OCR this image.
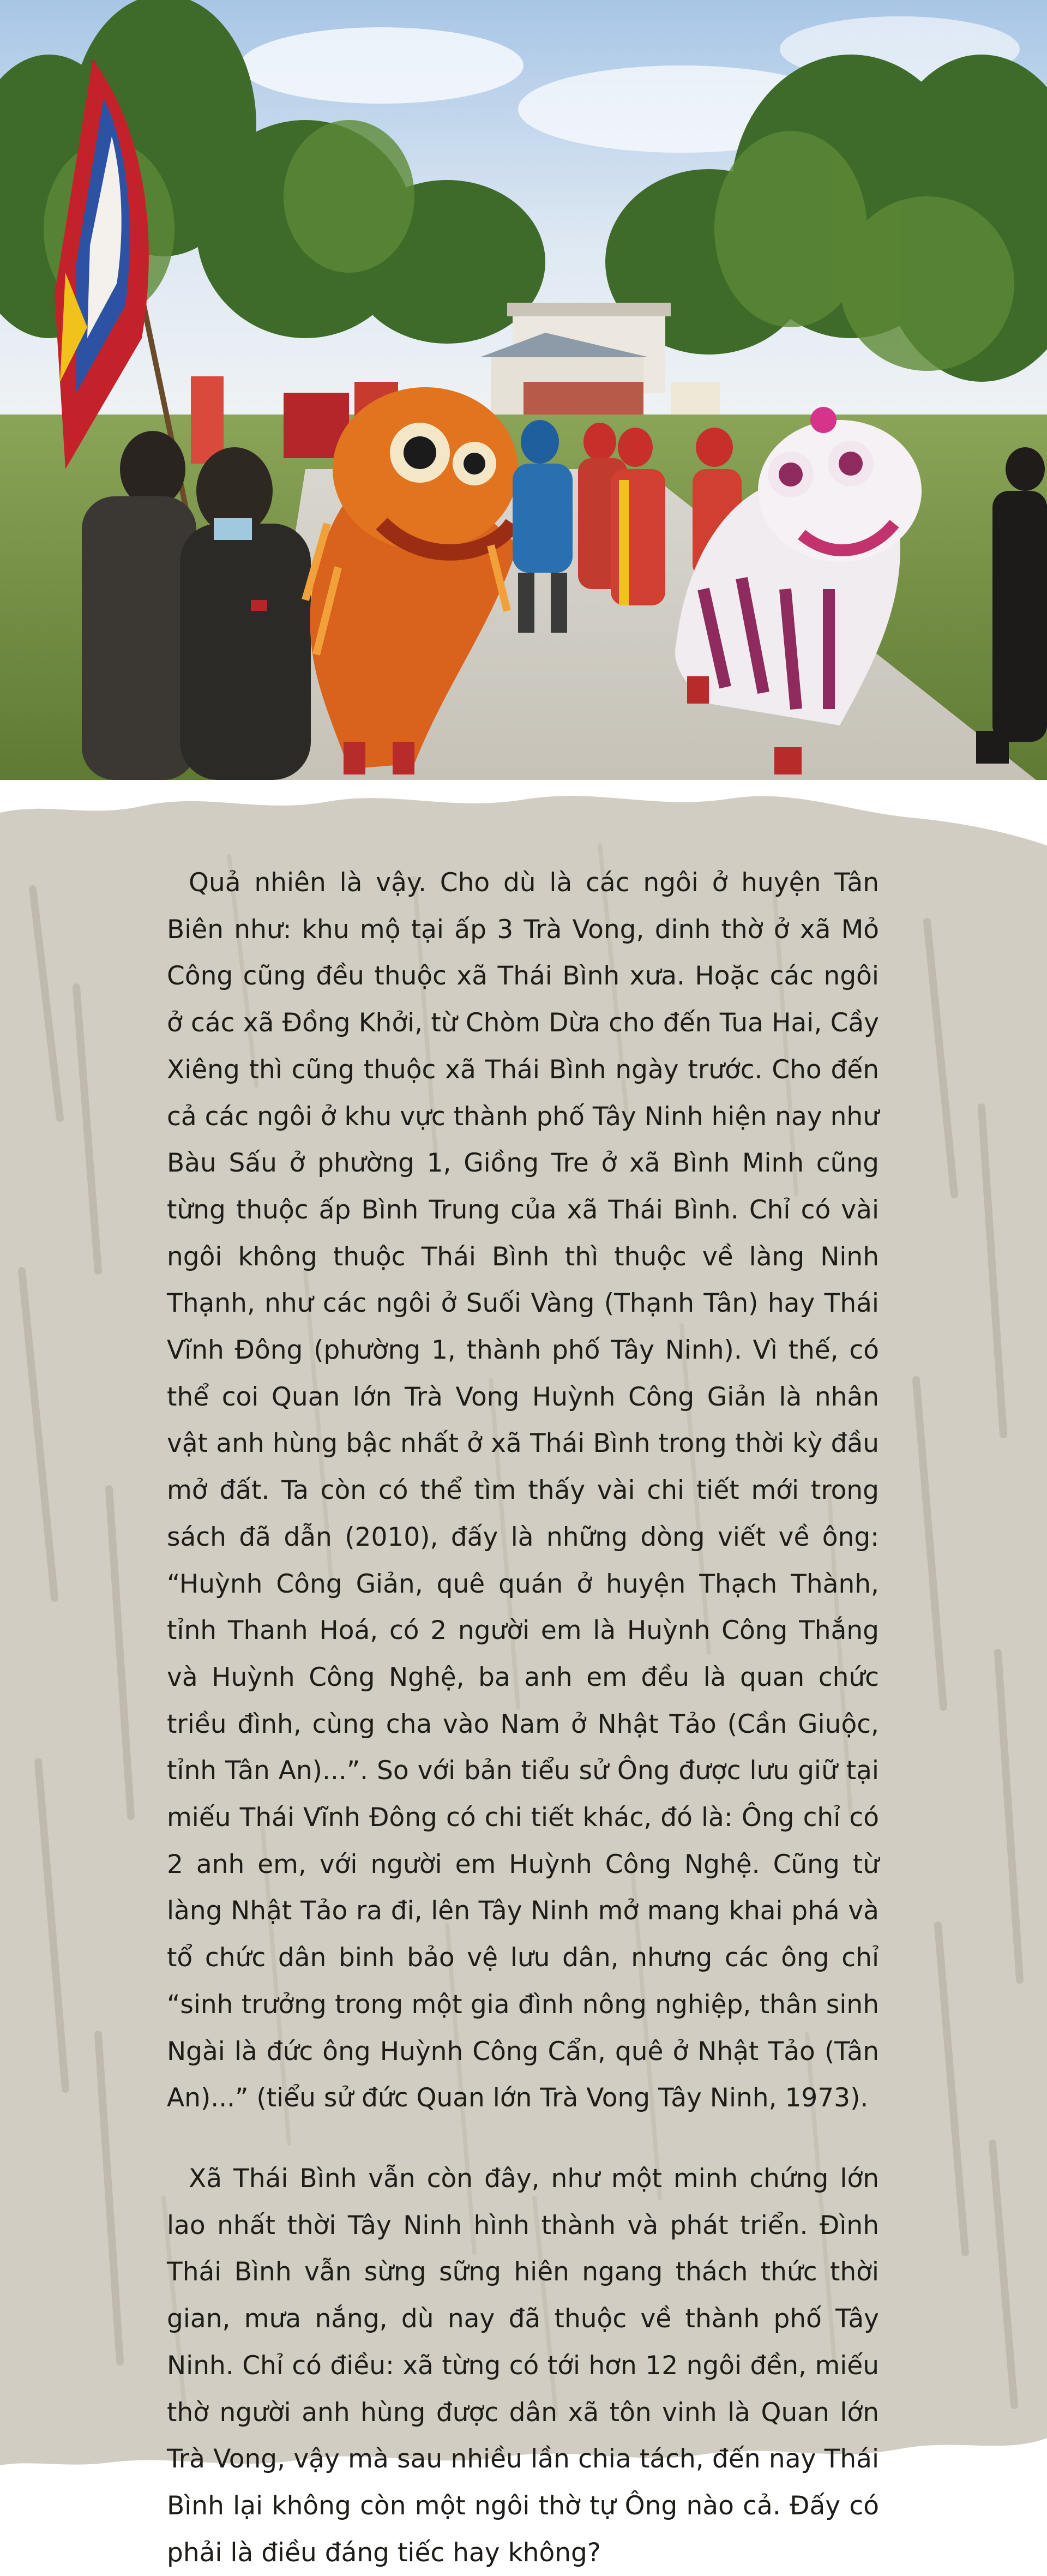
Quả nhiên là vậy. Cho dù là các ngôi ở huyện Tân Biên như: khu mộ tại ấp 3 Trà Vong, dinh thờ ở xã Mỏ Công cũng đều thuộc xã Thái Bình xưa. Hoặc các ngôi ở các xã Đồng Khởi, từ Chòm Dừa cho đến Tua Hai, Cầy Xiêng thì cũng thuộc xã Thái Bình ngày trước. Cho đến cả các ngôi ở khu vực thành phố Tây Ninh hiện nay như Bàu Sấu ở phường 1, Giồng Tre ở xã Bình Minh cũng từng thuộc ấp Bình Trung của xã Thái Bình. Chỉ có vài ngôi không thuộc Thái Bình thì thuộc về làng Ninh Thạnh, như các ngôi ở Suối Vàng (Thạnh Tân) hay Thái Vĩnh Đông (phường 1, thành phố Tây Ninh). Vì thế, có thể coi Quan lớn Trà Vong Huỳnh Công Giản là nhân vật anh hùng bậc nhất ở xã Thái Bình trong thời kỳ đầu mở đất. Ta còn có thể tìm thấy vài chi tiết mới trong sách đã dẫn (2010), đấy là những dòng viết về ông: “Huỳnh Công Giản, quê quán ở huyện Thạch Thành, tỉnh Thanh Hoá, có 2 người em là Huỳnh Công Thắng và Huỳnh Công Nghệ, ba anh em đều là quan chức triều đình, cùng cha vào Nam ở Nhật Tảo (Cần Giuộc, tỉnh Tân An)...”. So với bản tiểu sử Ông được lưu giữ tại miếu Thái Vĩnh Đông có chi tiết khác, đó là: Ông chỉ có 2 anh em, với người em Huỳnh Công Nghệ. Cũng từ làng Nhật Tảo ra đi, lên Tây Ninh mở mang khai phá và tổ chức dân binh bảo vệ lưu dân, nhưng các ông chỉ “sinh trưởng trong một gia đình nông nghiệp, thân sinh Ngài là đức ông Huỳnh Công Cẩn, quê ở Nhật Tảo (Tân An)...” (tiểu sử đức Quan lớn Trà Vong Tây Ninh, 1973).

Xã Thái Bình vẫn còn đây, như một minh chứng lớn lao nhất thời Tây Ninh hình thành và phát triển. Đình Thái Bình vẫn sừng sững hiên ngang thách thức thời gian, mưa nắng, dù nay đã thuộc về thành phố Tây Ninh. Chỉ có điều: xã từng có tới hơn 12 ngôi đền, miếu thờ người anh hùng được dân xã tôn vinh là Quan lớn Trà Vong, vậy mà sau nhiều lần chia tách, đến nay Thái Bình lại không còn một ngôi thờ tự Ông nào cả. Đấy có phải là điều đáng tiếc hay không?
